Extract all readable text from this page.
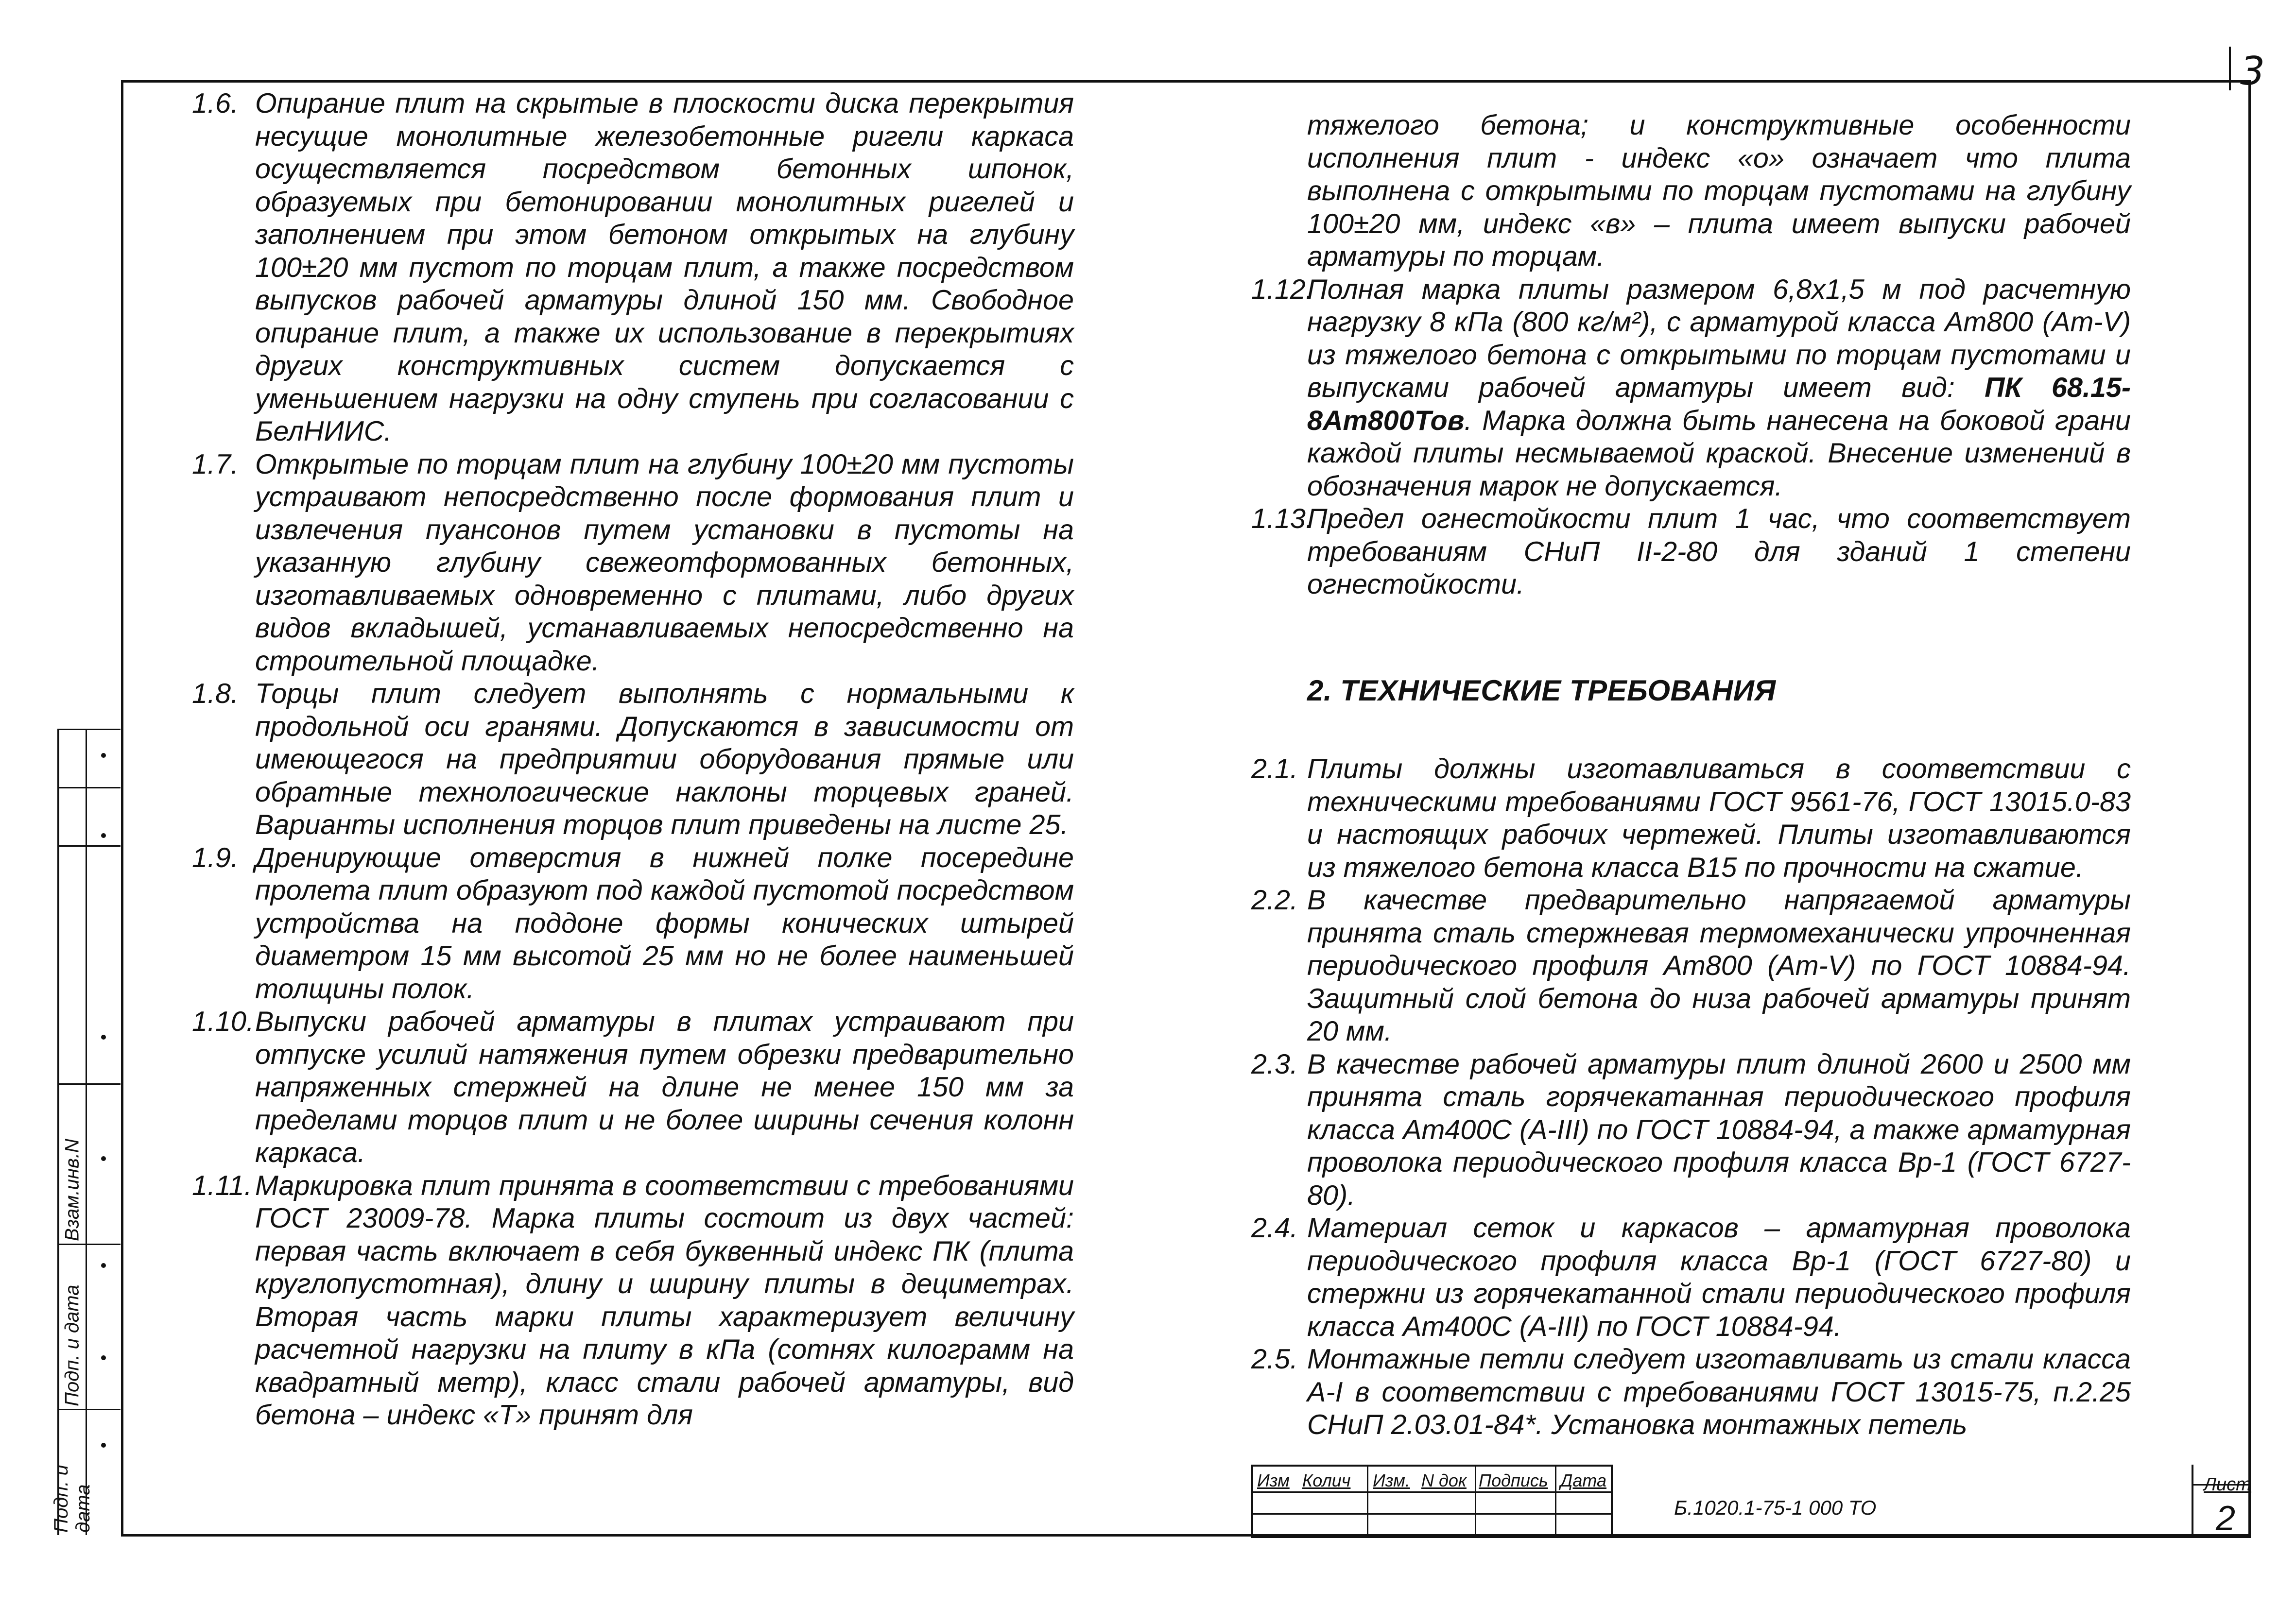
3

1.6. Опирание плит на скрытые в плоскости диска перекрытия несущие монолитные железобетонные ригели каркаса осуществляется посредством бетонных шпонок, образуемых при бетонировании монолитных ригелей и заполнением при этом бетоном открытых на глубину 100±20 мм пустот по торцам плит, а также посредством выпусков рабочей арматуры длиной 150 мм. Свободное опирание плит, а также их использование в перекрытиях других конструктивных систем допускается с уменьшением нагрузки на одну ступень при согласовании с БелНИИС.

1.7. Открытые по торцам плит на глубину 100±20 мм пустоты устраивают непосредственно после формования плит и извлечения пуансонов путем установки в пустоты на указанную глубину свежеотформованных бетонных, изготавливаемых одновременно с плитами, либо других видов вкладышей, устанавливаемых непосредственно на строительной площадке.

1.8. Торцы плит следует выполнять с нормальными к продольной оси гранями. Допускаются в зависимости от имеющегося на предприятии оборудования прямые или обратные технологические наклоны торцевых граней. Варианты исполнения торцов плит приведены на листе 25.

1.9. Дренирующие отверстия в нижней полке посередине пролета плит образуют под каждой пустотой посредством устройства на поддоне формы конических штырей диаметром 15 мм высотой 25 мм но не более наименьшей толщины полок.

1.10. Выпуски рабочей арматуры в плитах устраивают при отпуске усилий натяжения путем обрезки предварительно напряженных стержней на длине не менее 150 мм за пределами торцов плит и не более ширины сечения колонн каркаса.

1.11. Маркировка плит принята в соответствии с требованиями ГОСТ 23009-78. Марка плиты состоит из двух частей: первая часть включает в себя буквенный индекс ПК (плита круглопустотная), длину и ширину плиты в дециметрах. Вторая часть марки плиты характеризует величину расчетной нагрузки на плиту в кПа (сотнях килограмм на квадратный метр), класс стали рабочей арматуры, вид бетона – индекс «Т» принят для

тяжелого бетона; и конструктивные особенности исполнения плит - индекс «о» означает что плита выполнена с открытыми по торцам пустотами на глубину 100±20 мм, индекс «в» – плита имеет выпуски рабочей арматуры по торцам.

1.12.
Полная марка плиты размером 6,8х1,5 м под расчетную нагрузку 8 кПа (800 кг/м²), с арматурой класса Ат800 (Ат-V) из тяжелого бетона с открытыми по торцам пустотами и выпусками рабочей арматуры имеет вид: ПК 68.15-8Ат800Тов. Марка должна быть нанесена на боковой грани каждой плиты несмываемой краской. Внесение изменений в обозначения марок не допускается.

1.13.
Предел огнестойкости плит 1 час, что соответствует требованиям СНиП II-2-80 для зданий 1 степени огнестойкости.

2. ТЕХНИЧЕСКИЕ ТРЕБОВАНИЯ

2.1. Плиты должны изготавливаться в соответствии с техническими требованиями ГОСТ 9561-76, ГОСТ 13015.0-83 и настоящих рабочих чертежей. Плиты изготавливаются из тяжелого бетона класса В15 по прочности на сжатие.

2.2. В качестве предварительно напрягаемой арматуры принята сталь стержневая термомеханически упрочненная периодического профиля Ат800 (Ат-V) по ГОСТ 10884-94. Защитный слой бетона до низа рабочей арматуры принят 20 мм.

2.3. В качестве рабочей арматуры плит длиной 2600 и 2500 мм принята сталь горячекатанная периодического профиля класса Ат400С (А-III) по ГОСТ 10884-94, а также арматурная проволока периодического профиля класса Вр-1 (ГОСТ 6727-80).

2.4. Материал сеток и каркасов – арматурная проволока периодического профиля класса Вр-1 (ГОСТ 6727-80) и стержни из горячекатанной стали периодического профиля класса Ат400С (А-III) по ГОСТ 10884-94.

2.5. Монтажные петли следует изготавливать из стали класса А-I в соответствии с требованиями ГОСТ 13015-75, п.2.25 СНиП 2.03.01-84*. Установка монтажных петель

Взам.инв.N
Подп. и дата
Подп. и дата
Изм Колич Изм. N док Подпись Дата
Б.1020.1-75-1 000 ТО
Лист
2
